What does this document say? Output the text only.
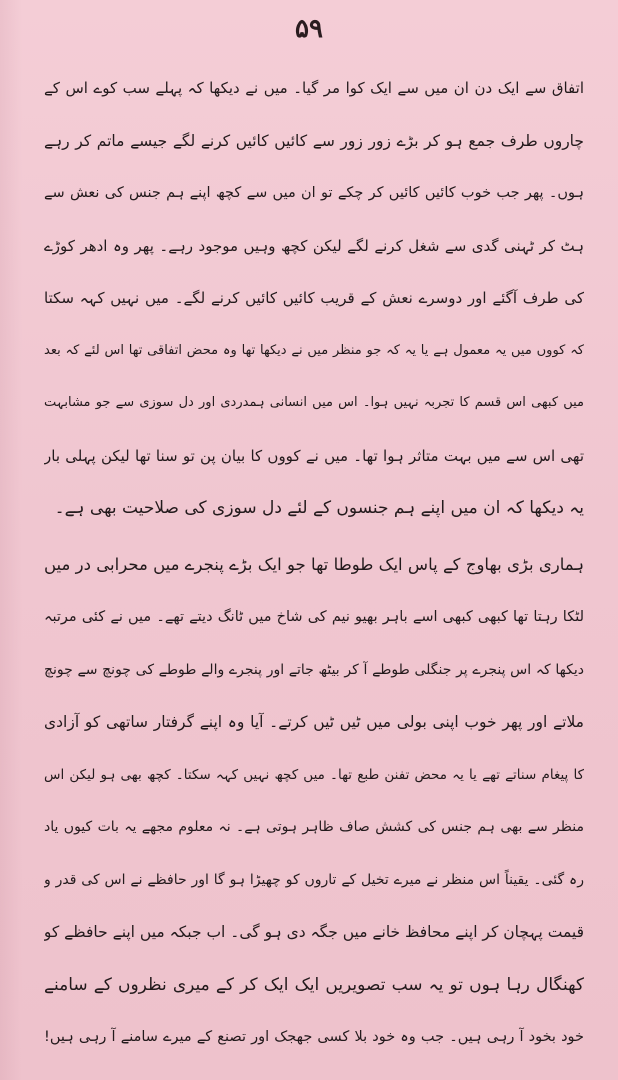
۵۹
اتفاق سے ایک دن ان میں سے ایک کوا مر گیا۔ میں نے دیکھا کہ پہلے سب کوے اس کے
چاروں طرف جمع ہو کر بڑے زور زور سے کائیں کائیں کرنے لگے جیسے ماتم کر رہے
ہوں۔ پھر جب خوب کائیں کائیں کر چکے تو ان میں سے کچھ اپنے ہم جنس کی نعش سے
ہٹ کر ٹہنی گدی سے شغل کرنے لگے لیکن کچھ وہیں موجود رہے۔ پھر وہ ادھر کوڑے
کی طرف آگئے اور دوسرے نعش کے قریب کائیں کائیں کرنے لگے۔ میں نہیں کہہ سکتا
کہ کووں میں یہ معمول ہے یا یہ کہ جو منظر میں نے دیکھا تھا وہ محض اتفاقی تھا اس لئے کہ بعد
میں کبھی اس قسم کا تجربہ نہیں ہوا۔ اس میں انسانی ہمدردی اور دل سوزی سے جو مشابہت
تھی اس سے میں بہت متاثر ہوا تھا۔ میں نے کووں کا بیان پن تو سنا تھا لیکن پہلی بار
یہ دیکھا کہ ان میں اپنے ہم جنسوں کے لئے دل سوزی کی صلاحیت بھی ہے۔
ہماری بڑی بھاوج کے پاس ایک طوطا تھا جو ایک بڑے پنجرے میں محرابی در میں
لٹکا رہتا تھا کبھی کبھی اسے باہر بھیو نیم کی شاخ میں ٹانگ دیتے تھے۔ میں نے کئی مرتبہ
دیکھا کہ اس پنجرے پر جنگلی طوطے آ کر بیٹھ جاتے اور پنجرے والے طوطے کی چونچ سے چونچ
ملاتے اور پھر خوب اپنی بولی میں ٹیں ٹیں کرتے۔ آیا وہ اپنے گرفتار ساتھی کو آزادی
کا پیغام سناتے تھے یا یہ محض تفنن طبع تھا۔ میں کچھ نہیں کہہ سکتا۔ کچھ بھی ہو لیکن اس
منظر سے بھی ہم جنس کی کشش صاف ظاہر ہوتی ہے۔ نہ معلوم مجھے یہ بات کیوں یاد
رہ گئی۔ یقیناً اس منظر نے میرے تخیل کے تاروں کو چھیڑا ہو گا اور حافظے نے اس کی قدر و
قیمت پہچان کر اپنے محافظ خانے میں جگہ دی ہو گی۔ اب جبکہ میں اپنے حافظے کو
کھنگال رہا ہوں تو یہ سب تصویریں ایک ایک کر کے میری نظروں کے سامنے
خود بخود آ رہی ہیں۔ جب وہ خود بلا کسی جھجک اور تصنع کے میرے سامنے آ رہی ہیں!
